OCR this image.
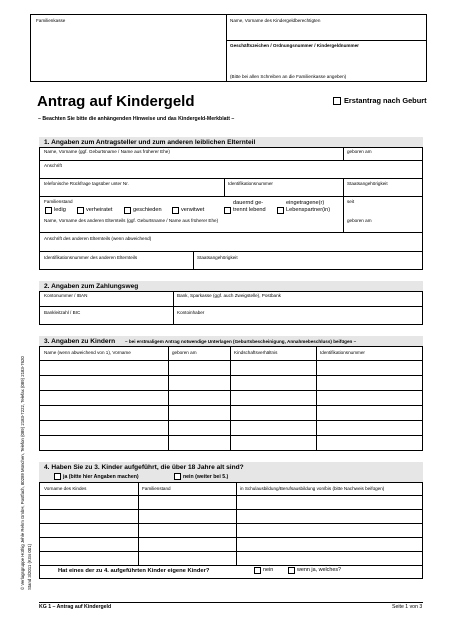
Familienkasse	Name, Vorname des Kindergeldberechtigten
Geschäftszeichen / Ordnungsnummer / Kindergeldnummer
(Bitte bei allen Schreiben an die Familienkasse angeben)
Antrag auf Kindergeld	Erstantrag nach Geburt
– Beachten Sie bitte die anhängenden Hinweise und das Kindergeld-Merkblatt –
1. Angaben zum Antragsteller und zum anderen leiblichen Elternteil
Name, Vorname (ggf. Geburtsname / Name aus früherer Ehe)	geboren am
Anschrift
telefonische Rückfrage tagsüber unter Nr.	Identifikationsnummer	Staatsangehörigkeit
Familienstand	seit
ledig	verheiratet	geschieden	verwitwet
dauernd ge-
trennt lebend
eingetragene(r)
Lebenspartner(in)
Name, Vorname des anderen Elternteils (ggf. Geburtsname / Name aus früherer Ehe)	geboren am
Anschrift des anderen Elternteils (wenn abweichend)
Identifikationsnummer des anderen Elternteils	Staatsangehörigkeit
2. Angaben zum Zahlungsweg
Kontonummer / IBAN	Bank, Sparkasse (ggf. auch Zweigstelle), Postbank
Bankleitzahl / BIC	Kontoinhaber
3. Angaben zu Kindern – bei erstmaligem Antrag notwendige Unterlagen (Geburtsbescheinigung, Annahmebeschluss) beifügen –
Name (wenn abweichend von 1), Vorname	geboren am	Kindschaftsverhältnis	Identifikationsnummer
4. Haben Sie zu 3. Kinder aufgeführt, die über 18 Jahre alt sind?
ja (bitte hier Angaben machen)	nein (weiter bei 5.)
Vorname des Kindes	Familienstand	in Schulausbildung/Berufsausbildung von/bis (bitte Nachweis beifügen)
Hat eines der zu 4. aufgeführten Kinder eigene Kinder?	nein	wenn ja, welches?
© Verlagsgruppe Hüthig Jehle Rehm GmbH, Postfach, 80289 München, Telefon (089) 2183-7222, Telefax (089) 2183-7620 Stand 3/2011 (KGs 001)
KG 1 – Antrag auf Kindergeld	Seite 1 von 3
